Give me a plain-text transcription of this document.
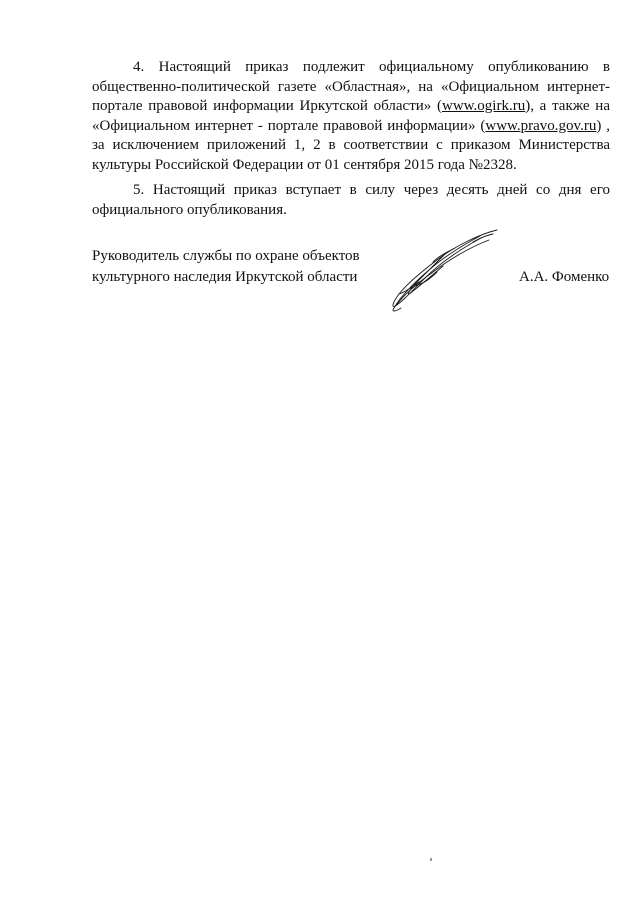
4. Настоящий приказ подлежит официальному опубликованию в
общественно-политической газете «Областная», на «Официальном интернет-
портале правовой информации Иркутской области» (www.ogirk.ru), а также на
«Официальном интернет - портале правовой информации» (www.pravo.gov.ru) ,
за исключением приложений 1, 2 в соответствии с приказом Министерства
культуры Российской Федерации от 01 сентября 2015 года №2328.
5. Настоящий приказ вступает в силу через десять дней со дня его
официального опубликования.
Руководитель службы по охране объектов
культурного наследия Иркутской области	А.А. Фоменко
